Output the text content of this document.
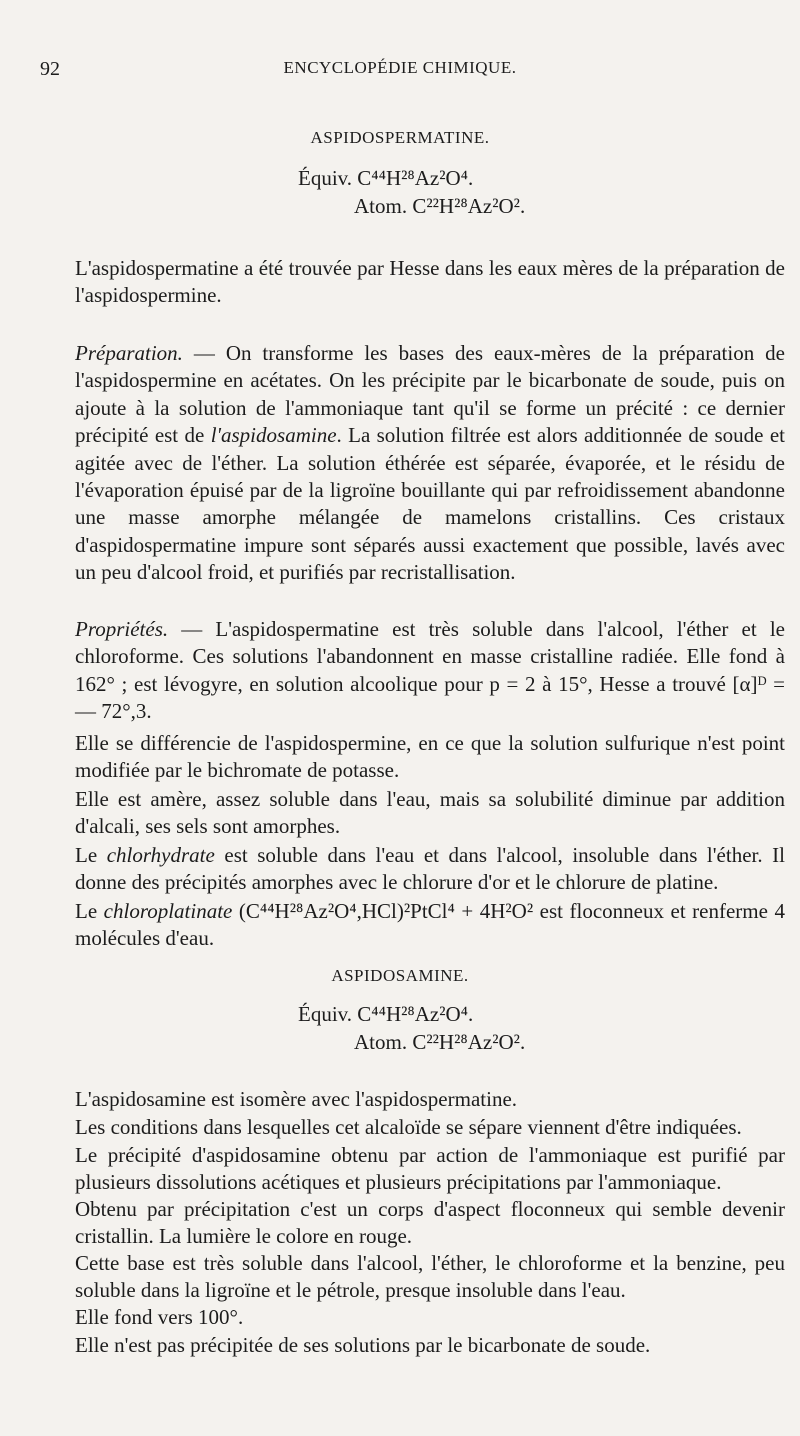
92	ENCYCLOPÉDIE CHIMIQUE.
ASPIDOSPERMATINE.
Équiv. C⁴⁴H²⁸Az²O⁴.
Atom. C²²H²⁸Az²O².

L'aspidospermatine a été trouvée par Hesse dans les eaux mères de la préparation de l'aspidospermine.

Préparation. — On transforme les bases des eaux-mères de la préparation de l'aspidospermine en acétates. On les précipite par le bicarbonate de soude, puis on ajoute à la solution de l'ammoniaque tant qu'il se forme un précité : ce dernier précipité est de l'aspidosamine. La solution filtrée est alors additionnée de soude et agitée avec de l'éther. La solution éthérée est séparée, évaporée, et le résidu de l'évaporation épuisé par de la ligroïne bouillante qui par refroidissement abandonne une masse amorphe mélangée de mamelons cristallins. Ces cristaux d'aspidospermatine impure sont séparés aussi exactement que possible, lavés avec un peu d'alcool froid, et purifiés par recristallisation.

Propriétés. — L'aspidospermatine est très soluble dans l'alcool, l'éther et le chloroforme. Ces solutions l'abandonnent en masse cristalline radiée. Elle fond à 162° ; est lévogyre, en solution alcoolique pour p = 2 à 15°, Hesse a trouvé [α]ᴰ = — 72°,3.

Elle se différencie de l'aspidospermine, en ce que la solution sulfurique n'est point modifiée par le bichromate de potasse.

Elle est amère, assez soluble dans l'eau, mais sa solubilité diminue par addition d'alcali, ses sels sont amorphes.

Le chlorhydrate est soluble dans l'eau et dans l'alcool, insoluble dans l'éther. Il donne des précipités amorphes avec le chlorure d'or et le chlorure de platine.

Le chloroplatinate (C⁴⁴H²⁸Az²O⁴,HCl)²PtCl⁴ + 4H²O² est floconneux et renferme 4 molécules d'eau.

ASPIDOSAMINE.
Équiv. C⁴⁴H²⁸Az²O⁴.
Atom. C²²H²⁸Az²O².

L'aspidosamine est isomère avec l'aspidospermatine.

Les conditions dans lesquelles cet alcaloïde se sépare viennent d'être indiquées.

Le précipité d'aspidosamine obtenu par action de l'ammoniaque est purifié par plusieurs dissolutions acétiques et plusieurs précipitations par l'ammoniaque.

Obtenu par précipitation c'est un corps d'aspect floconneux qui semble devenir cristallin. La lumière le colore en rouge.

Cette base est très soluble dans l'alcool, l'éther, le chloroforme et la benzine, peu soluble dans la ligroïne et le pétrole, presque insoluble dans l'eau.

Elle fond vers 100°.

Elle n'est pas précipitée de ses solutions par le bicarbonate de soude.
